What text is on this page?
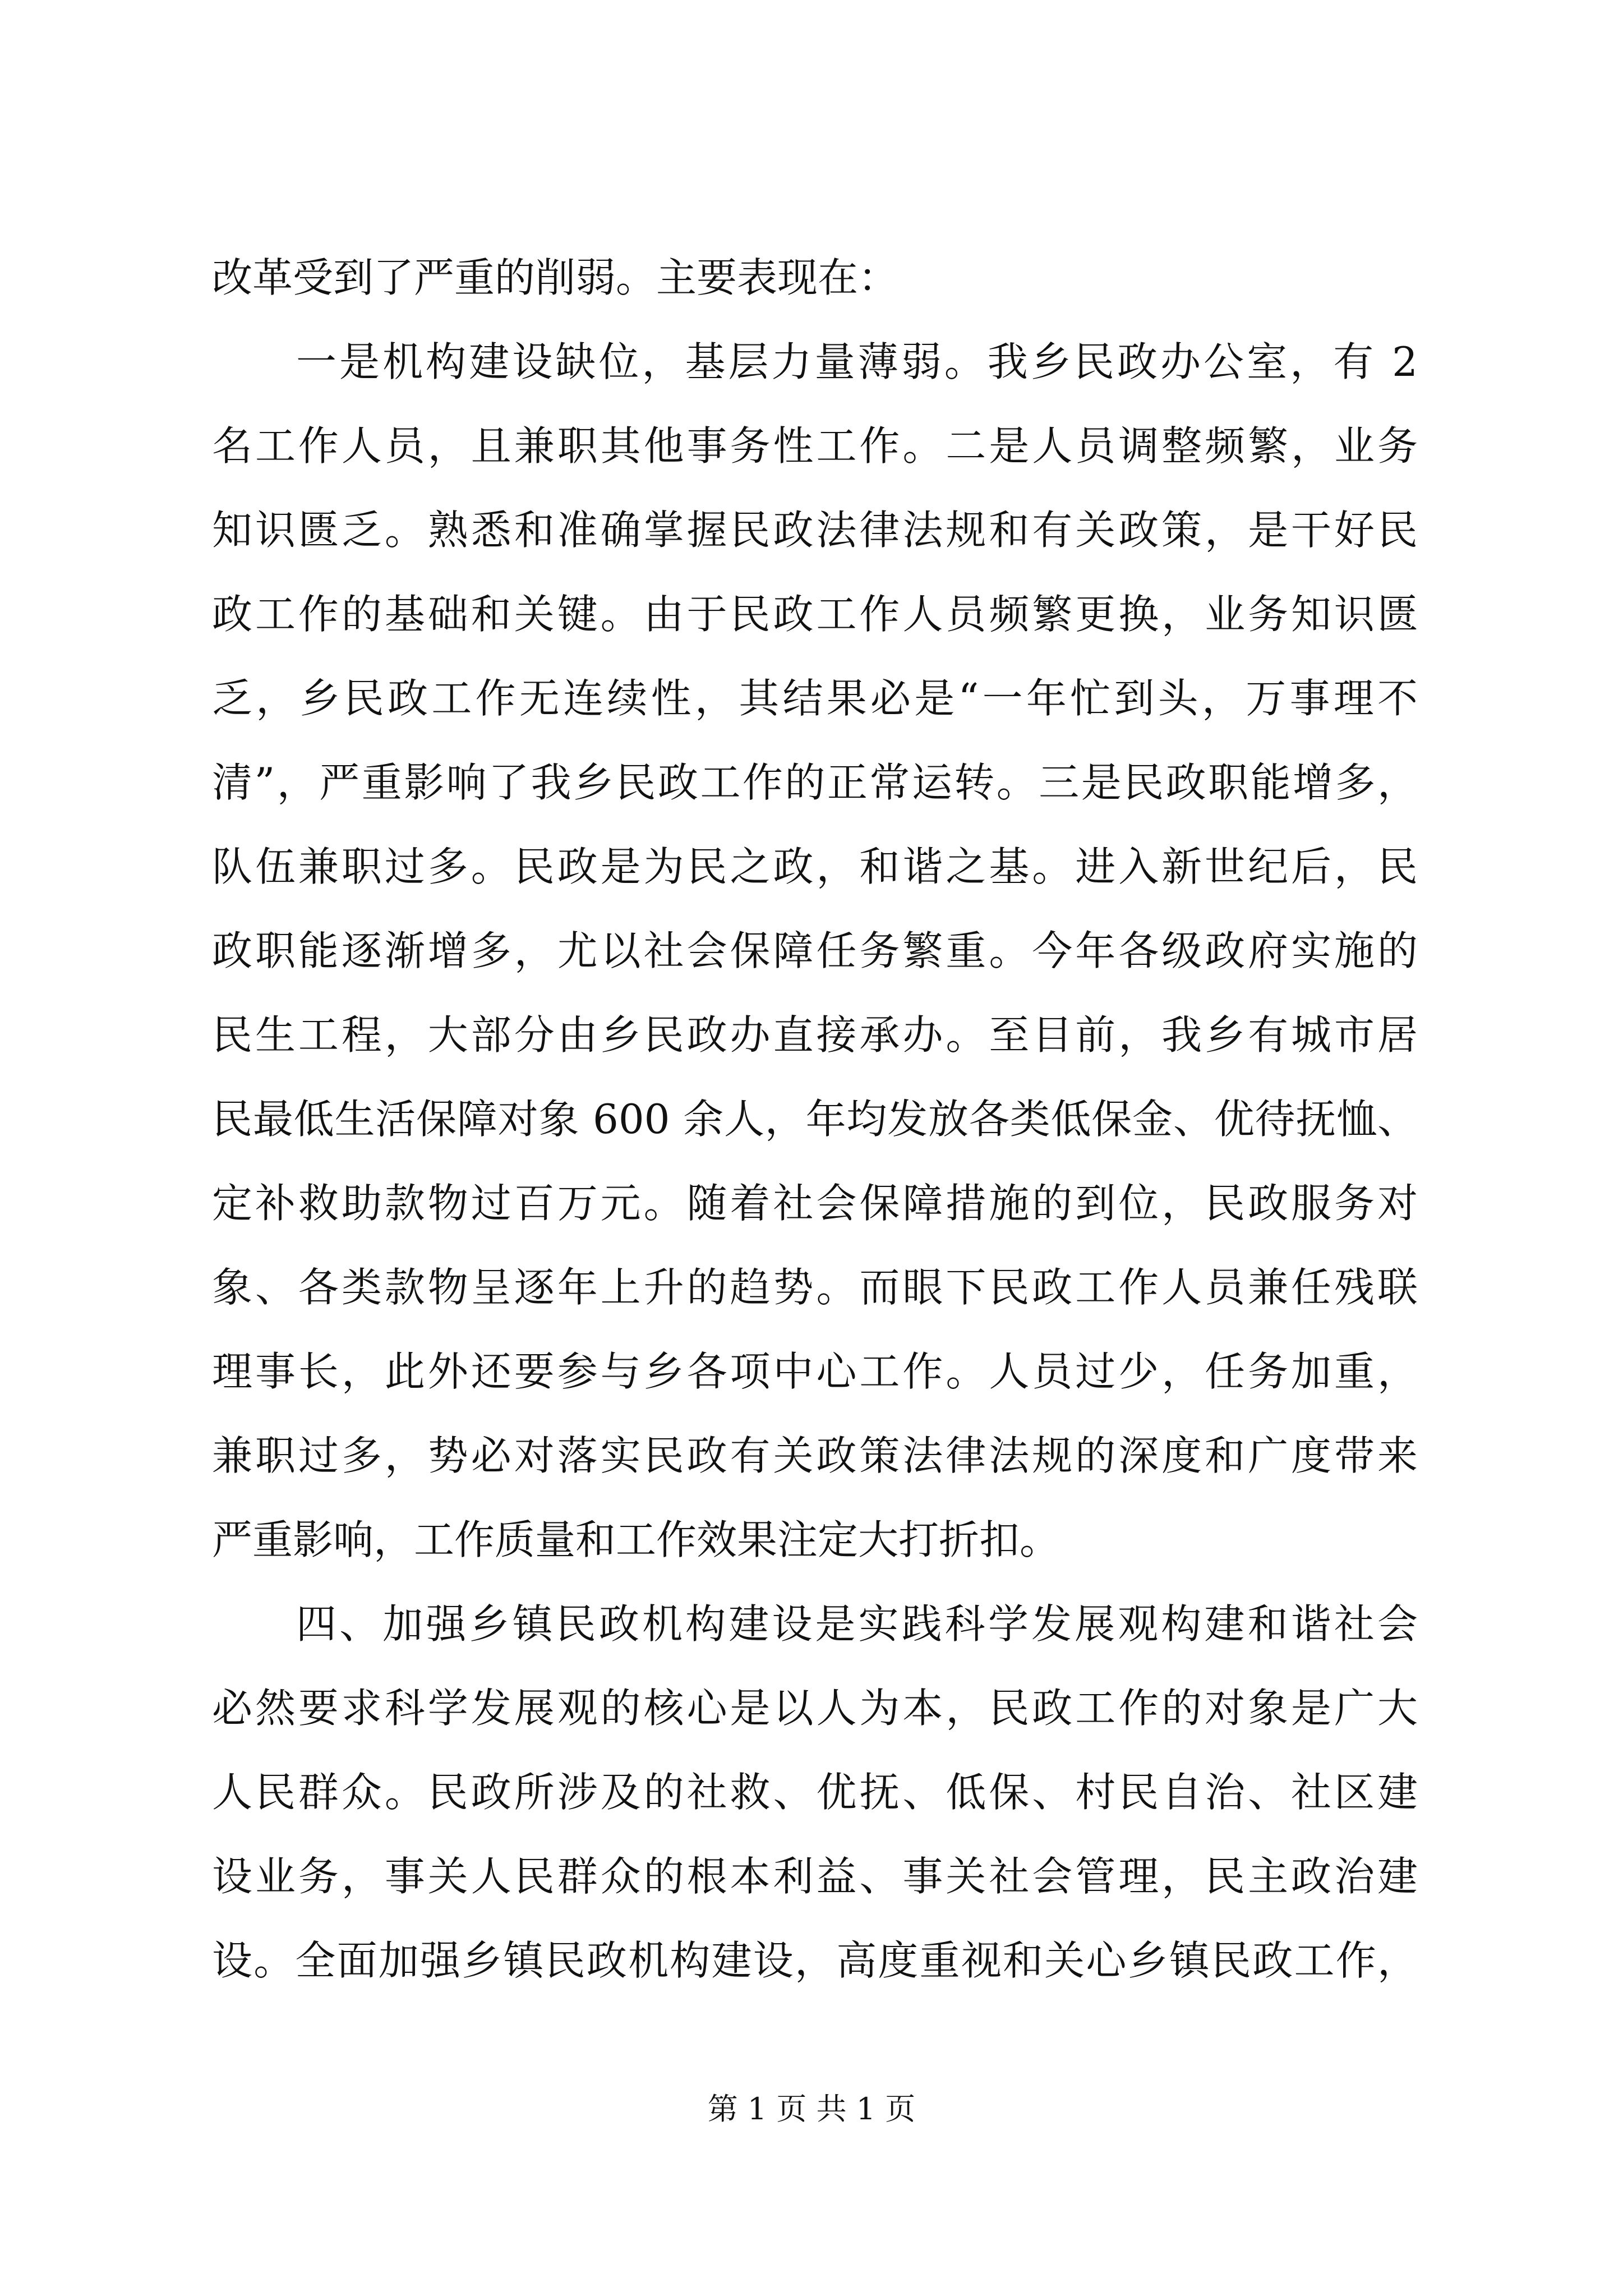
改革受到了严重的削弱。主要表现在：
一是机构建设缺位，基层力量薄弱。我乡民政办公室，有 2
名工作人员，且兼职其他事务性工作。二是人员调整频繁，业务
知识匮乏。熟悉和准确掌握民政法律法规和有关政策，是干好民
政工作的基础和关键。由于民政工作人员频繁更换，业务知识匮
乏，乡民政工作无连续性，其结果必是“一年忙到头，万事理不
清”，严重影响了我乡民政工作的正常运转。三是民政职能增多，
队伍兼职过多。民政是为民之政，和谐之基。进入新世纪后，民
政职能逐渐增多，尤以社会保障任务繁重。今年各级政府实施的
民生工程，大部分由乡民政办直接承办。至目前，我乡有城市居
民最低生活保障对象 600 余人，年均发放各类低保金、优待抚恤、
定补救助款物过百万元。随着社会保障措施的到位，民政服务对
象、各类款物呈逐年上升的趋势。而眼下民政工作人员兼任残联
理事长，此外还要参与乡各项中心工作。人员过少，任务加重，
兼职过多，势必对落实民政有关政策法律法规的深度和广度带来
严重影响，工作质量和工作效果注定大打折扣。
四、加强乡镇民政机构建设是实践科学发展观构建和谐社会
必然要求科学发展观的核心是以人为本，民政工作的对象是广大
人民群众。民政所涉及的社救、优抚、低保、村民自治、社区建
设业务，事关人民群众的根本利益、事关社会管理，民主政治建
设。全面加强乡镇民政机构建设，高度重视和关心乡镇民政工作，
第 1 页 共 1 页
